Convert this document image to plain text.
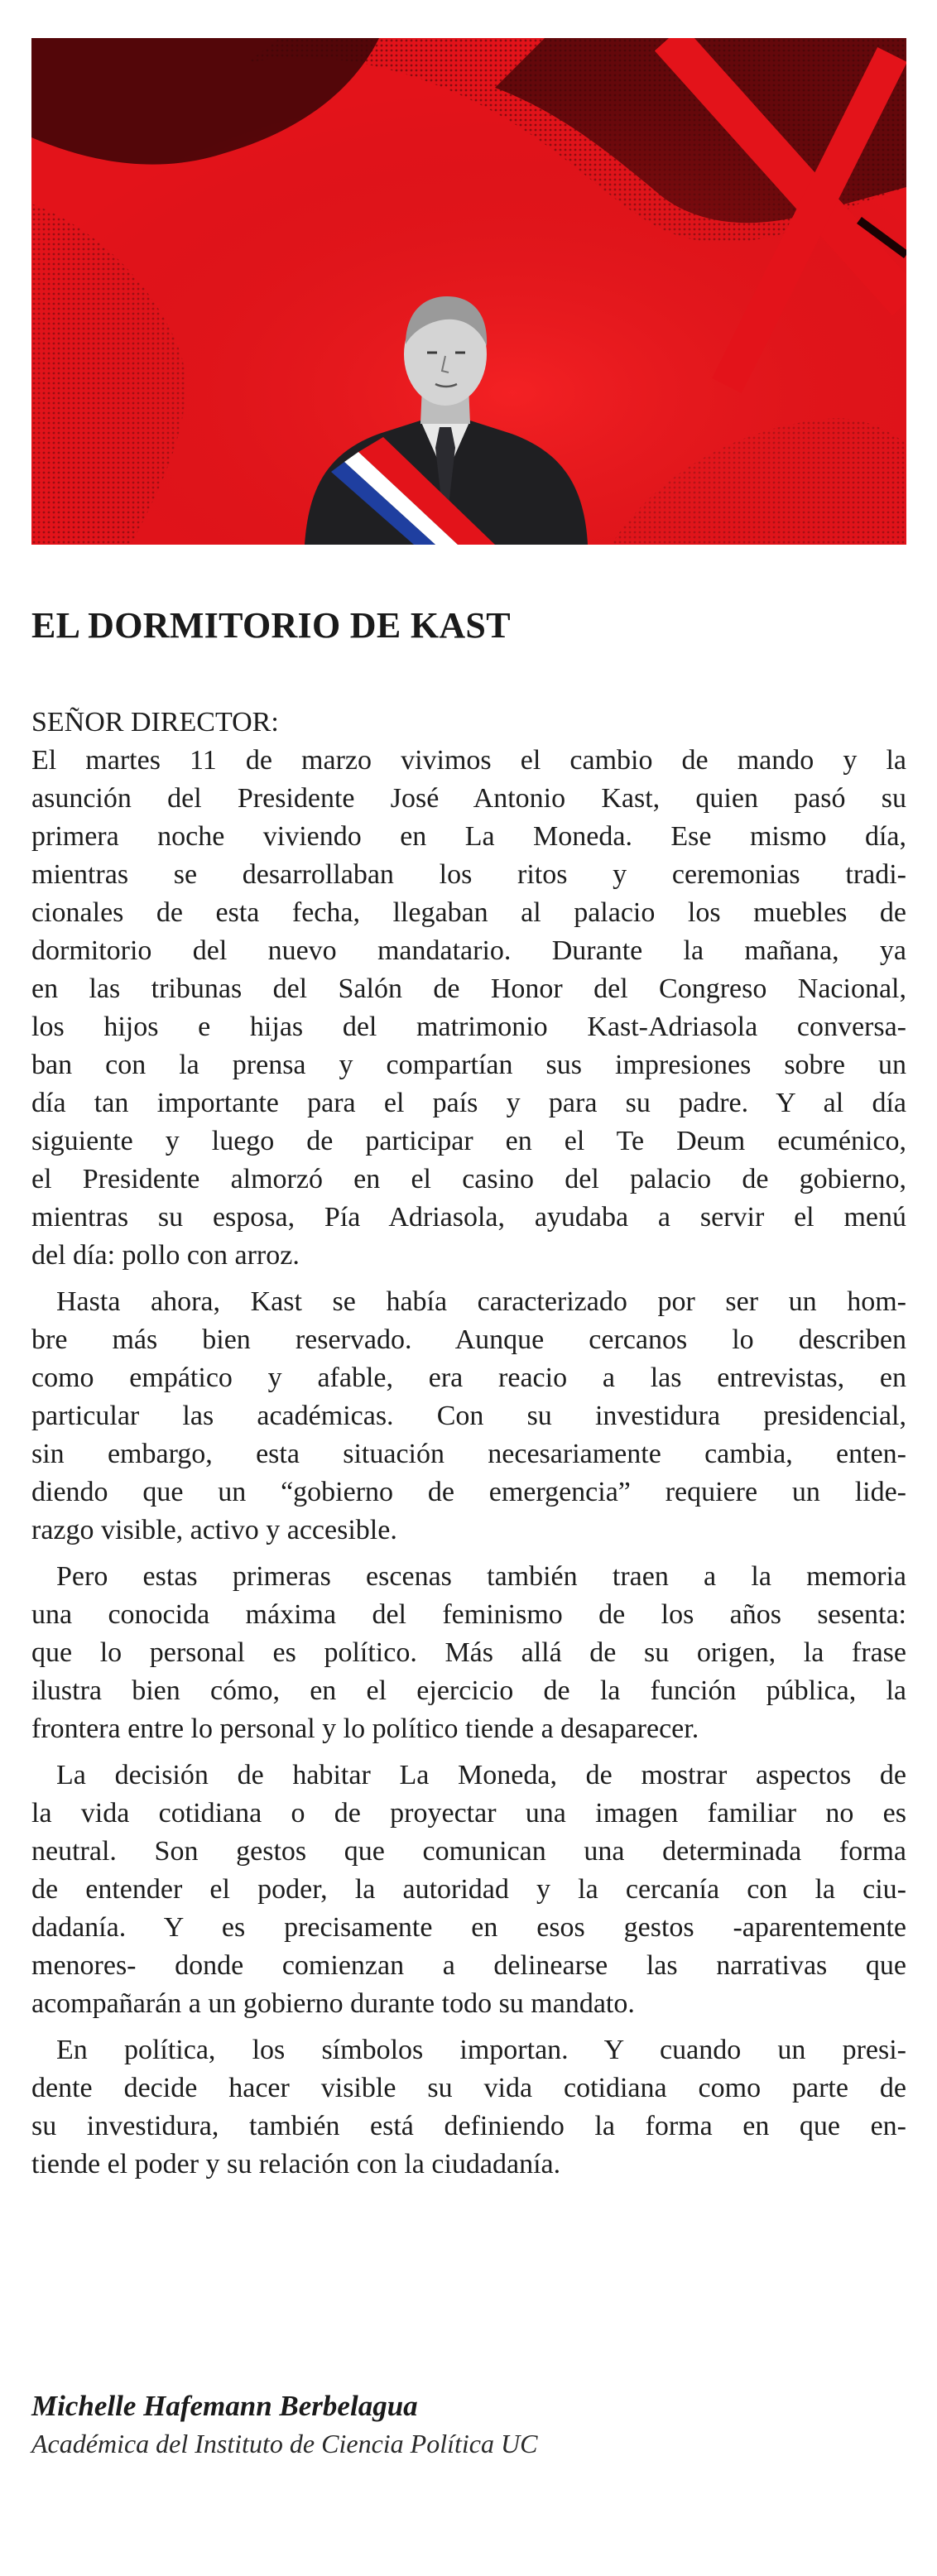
EL DORMITORIO DE KAST

SEÑOR DIRECTOR:

El martes 11 de marzo vivimos el cambio de mando y la
asunción del Presidente José Antonio Kast, quien pasó su
primera noche viviendo en La Moneda. Ese mismo día,
mientras se desarrollaban los ritos y ceremonias tradi-
cionales de esta fecha, llegaban al palacio los muebles de
dormitorio del nuevo mandatario. Durante la mañana, ya
en las tribunas del Salón de Honor del Congreso Nacional,
los hijos e hijas del matrimonio Kast-Adriasola conversa-
ban con la prensa y compartían sus impresiones sobre un
día tan importante para el país y para su padre. Y al día
siguiente y luego de participar en el Te Deum ecuménico,
el Presidente almorzó en el casino del palacio de gobierno,
mientras su esposa, Pía Adriasola, ayudaba a servir el menú
del día: pollo con arroz.
Hasta ahora, Kast se había caracterizado por ser un hom-
bre más bien reservado. Aunque cercanos lo describen
como empático y afable, era reacio a las entrevistas, en
particular las académicas. Con su investidura presidencial,
sin embargo, esta situación necesariamente cambia, enten-
diendo que un “gobierno de emergencia” requiere un lide-
razgo visible, activo y accesible.
Pero estas primeras escenas también traen a la memoria
una conocida máxima del feminismo de los años sesenta:
que lo personal es político. Más allá de su origen, la frase
ilustra bien cómo, en el ejercicio de la función pública, la
frontera entre lo personal y lo político tiende a desaparecer.
La decisión de habitar La Moneda, de mostrar aspectos de
la vida cotidiana o de proyectar una imagen familiar no es
neutral. Son gestos que comunican una determinada forma
de entender el poder, la autoridad y la cercanía con la ciu-
dadanía. Y es precisamente en esos gestos -aparentemente
menores- donde comienzan a delinearse las narrativas que
acompañarán a un gobierno durante todo su mandato.
En política, los símbolos importan. Y cuando un presi-
dente decide hacer visible su vida cotidiana como parte de
su investidura, también está definiendo la forma en que en-
tiende el poder y su relación con la ciudadanía.

Michelle Hafemann Berbelagua

Académica del Instituto de Ciencia Política UC
